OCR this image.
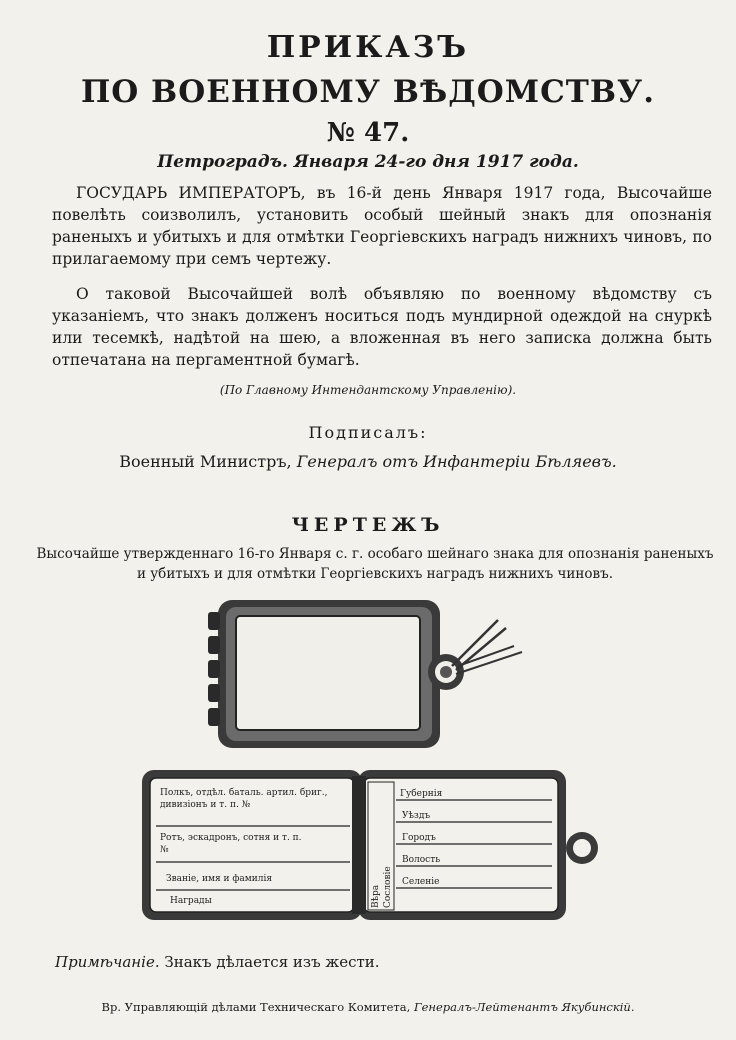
ПРИКАЗЪ
ПО ВОЕННОМУ ВѢДОМСТВУ.
№ 47.
Петроградъ. Января 24-го дня 1917 года.
ГОСУДАРЬ ИМПЕРАТОРЪ, въ 16-й день Января 1917 года, Высочайше повелѣть соизволилъ, установить особый шейный знакъ для опознанія раненыхъ и убитыхъ и для отмѣтки Георгіевскихъ наградъ нижнихъ чиновъ, по прилагаемому при семъ чертежу.
О таковой Высочайшей волѣ объявляю по военному вѣдомству съ указаніемъ, что знакъ долженъ носиться подъ мундирной одеждой на снуркѣ или тесемкѣ, надѣтой на шею, а вложенная въ него записка должна быть отпечатана на пергаментной бумагѣ.
(По Главному Интендантскому Управленію).
Подписалъ:
Военный Министръ, Генералъ отъ Инфантеріи Бѣляевъ.
ЧЕРТЕЖЪ
Высочайше утвержденнаго 16-го Января с. г. особаго шейнаго знака для опознанія раненыхъ и убитыхъ и для отмѣтки Георгіевскихъ наградъ нижнихъ чиновъ.
Полкъ, отдѣл. баталь. артил. бриг.,
дивизіонъ и т. п. №
Ротъ, эскадронъ, сотня и т. п.
№
Званіе, имя и фамилія
Награды	Вѣра Сословіе
Губернія
Уѣздъ
Городъ
Волость
Селеніе
Примѣчаніе. Знакъ дѣлается изъ жести.
Вр. Управляющій дѣлами Техническаго Комитета, Генералъ-Лейтенантъ Якубинскій.
